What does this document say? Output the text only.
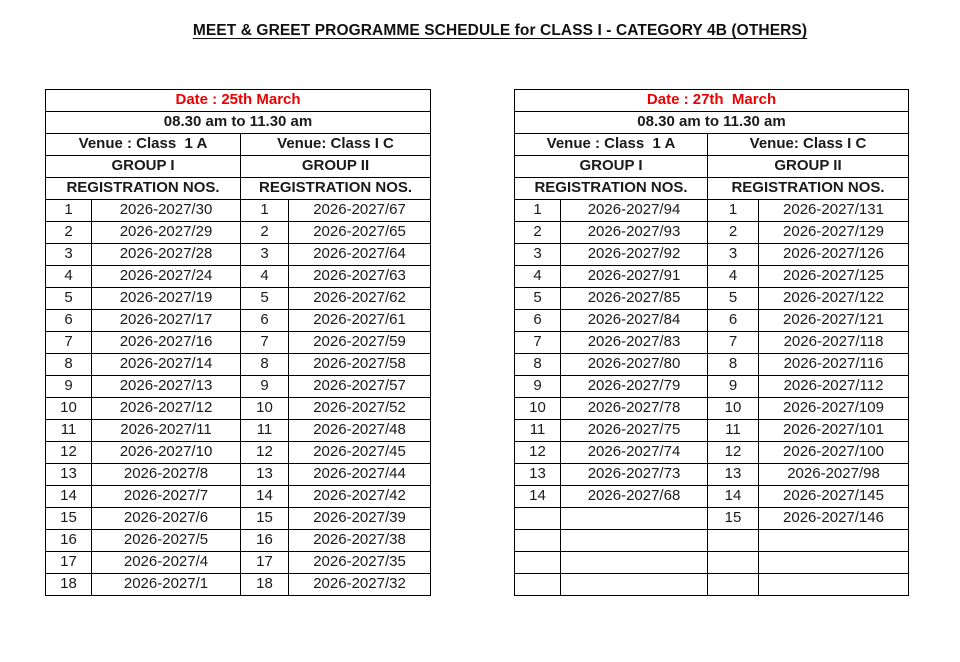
MEET & GREET PROGRAMME SCHEDULE for CLASS I - CATEGORY 4B (OTHERS)
Date : 25th March			
08.30 am to 11.30 am			
Venue : Class  1 A		Venue: Class I C	
GROUP I		GROUP II	
REGISTRATION NOS.		REGISTRATION NOS.	
1	2026-2027/30	1	2026-2027/67
2	2026-2027/29	2	2026-2027/65
3	2026-2027/28	3	2026-2027/64
4	2026-2027/24	4	2026-2027/63
5	2026-2027/19	5	2026-2027/62
6	2026-2027/17	6	2026-2027/61
7	2026-2027/16	7	2026-2027/59
8	2026-2027/14	8	2026-2027/58
9	2026-2027/13	9	2026-2027/57
10	2026-2027/12	10	2026-2027/52
11	2026-2027/11	11	2026-2027/48
12	2026-2027/10	12	2026-2027/45
13	2026-2027/8	13	2026-2027/44
14	2026-2027/7	14	2026-2027/42
15	2026-2027/6	15	2026-2027/39
16	2026-2027/5	16	2026-2027/38
17	2026-2027/4	17	2026-2027/35
18	2026-2027/1	18	2026-2027/32
Date : 27th  March			
08.30 am to 11.30 am			
Venue : Class  1 A		Venue: Class I C	
GROUP I		GROUP II	
REGISTRATION NOS.		REGISTRATION NOS.	
1	2026-2027/94	1	2026-2027/131
2	2026-2027/93	2	2026-2027/129
3	2026-2027/92	3	2026-2027/126
4	2026-2027/91	4	2026-2027/125
5	2026-2027/85	5	2026-2027/122
6	2026-2027/84	6	2026-2027/121
7	2026-2027/83	7	2026-2027/118
8	2026-2027/80	8	2026-2027/116
9	2026-2027/79	9	2026-2027/112
10	2026-2027/78	10	2026-2027/109
11	2026-2027/75	11	2026-2027/101
12	2026-2027/74	12	2026-2027/100
13	2026-2027/73	13	2026-2027/98
14	2026-2027/68	14	2026-2027/145
		15	2026-2027/146
